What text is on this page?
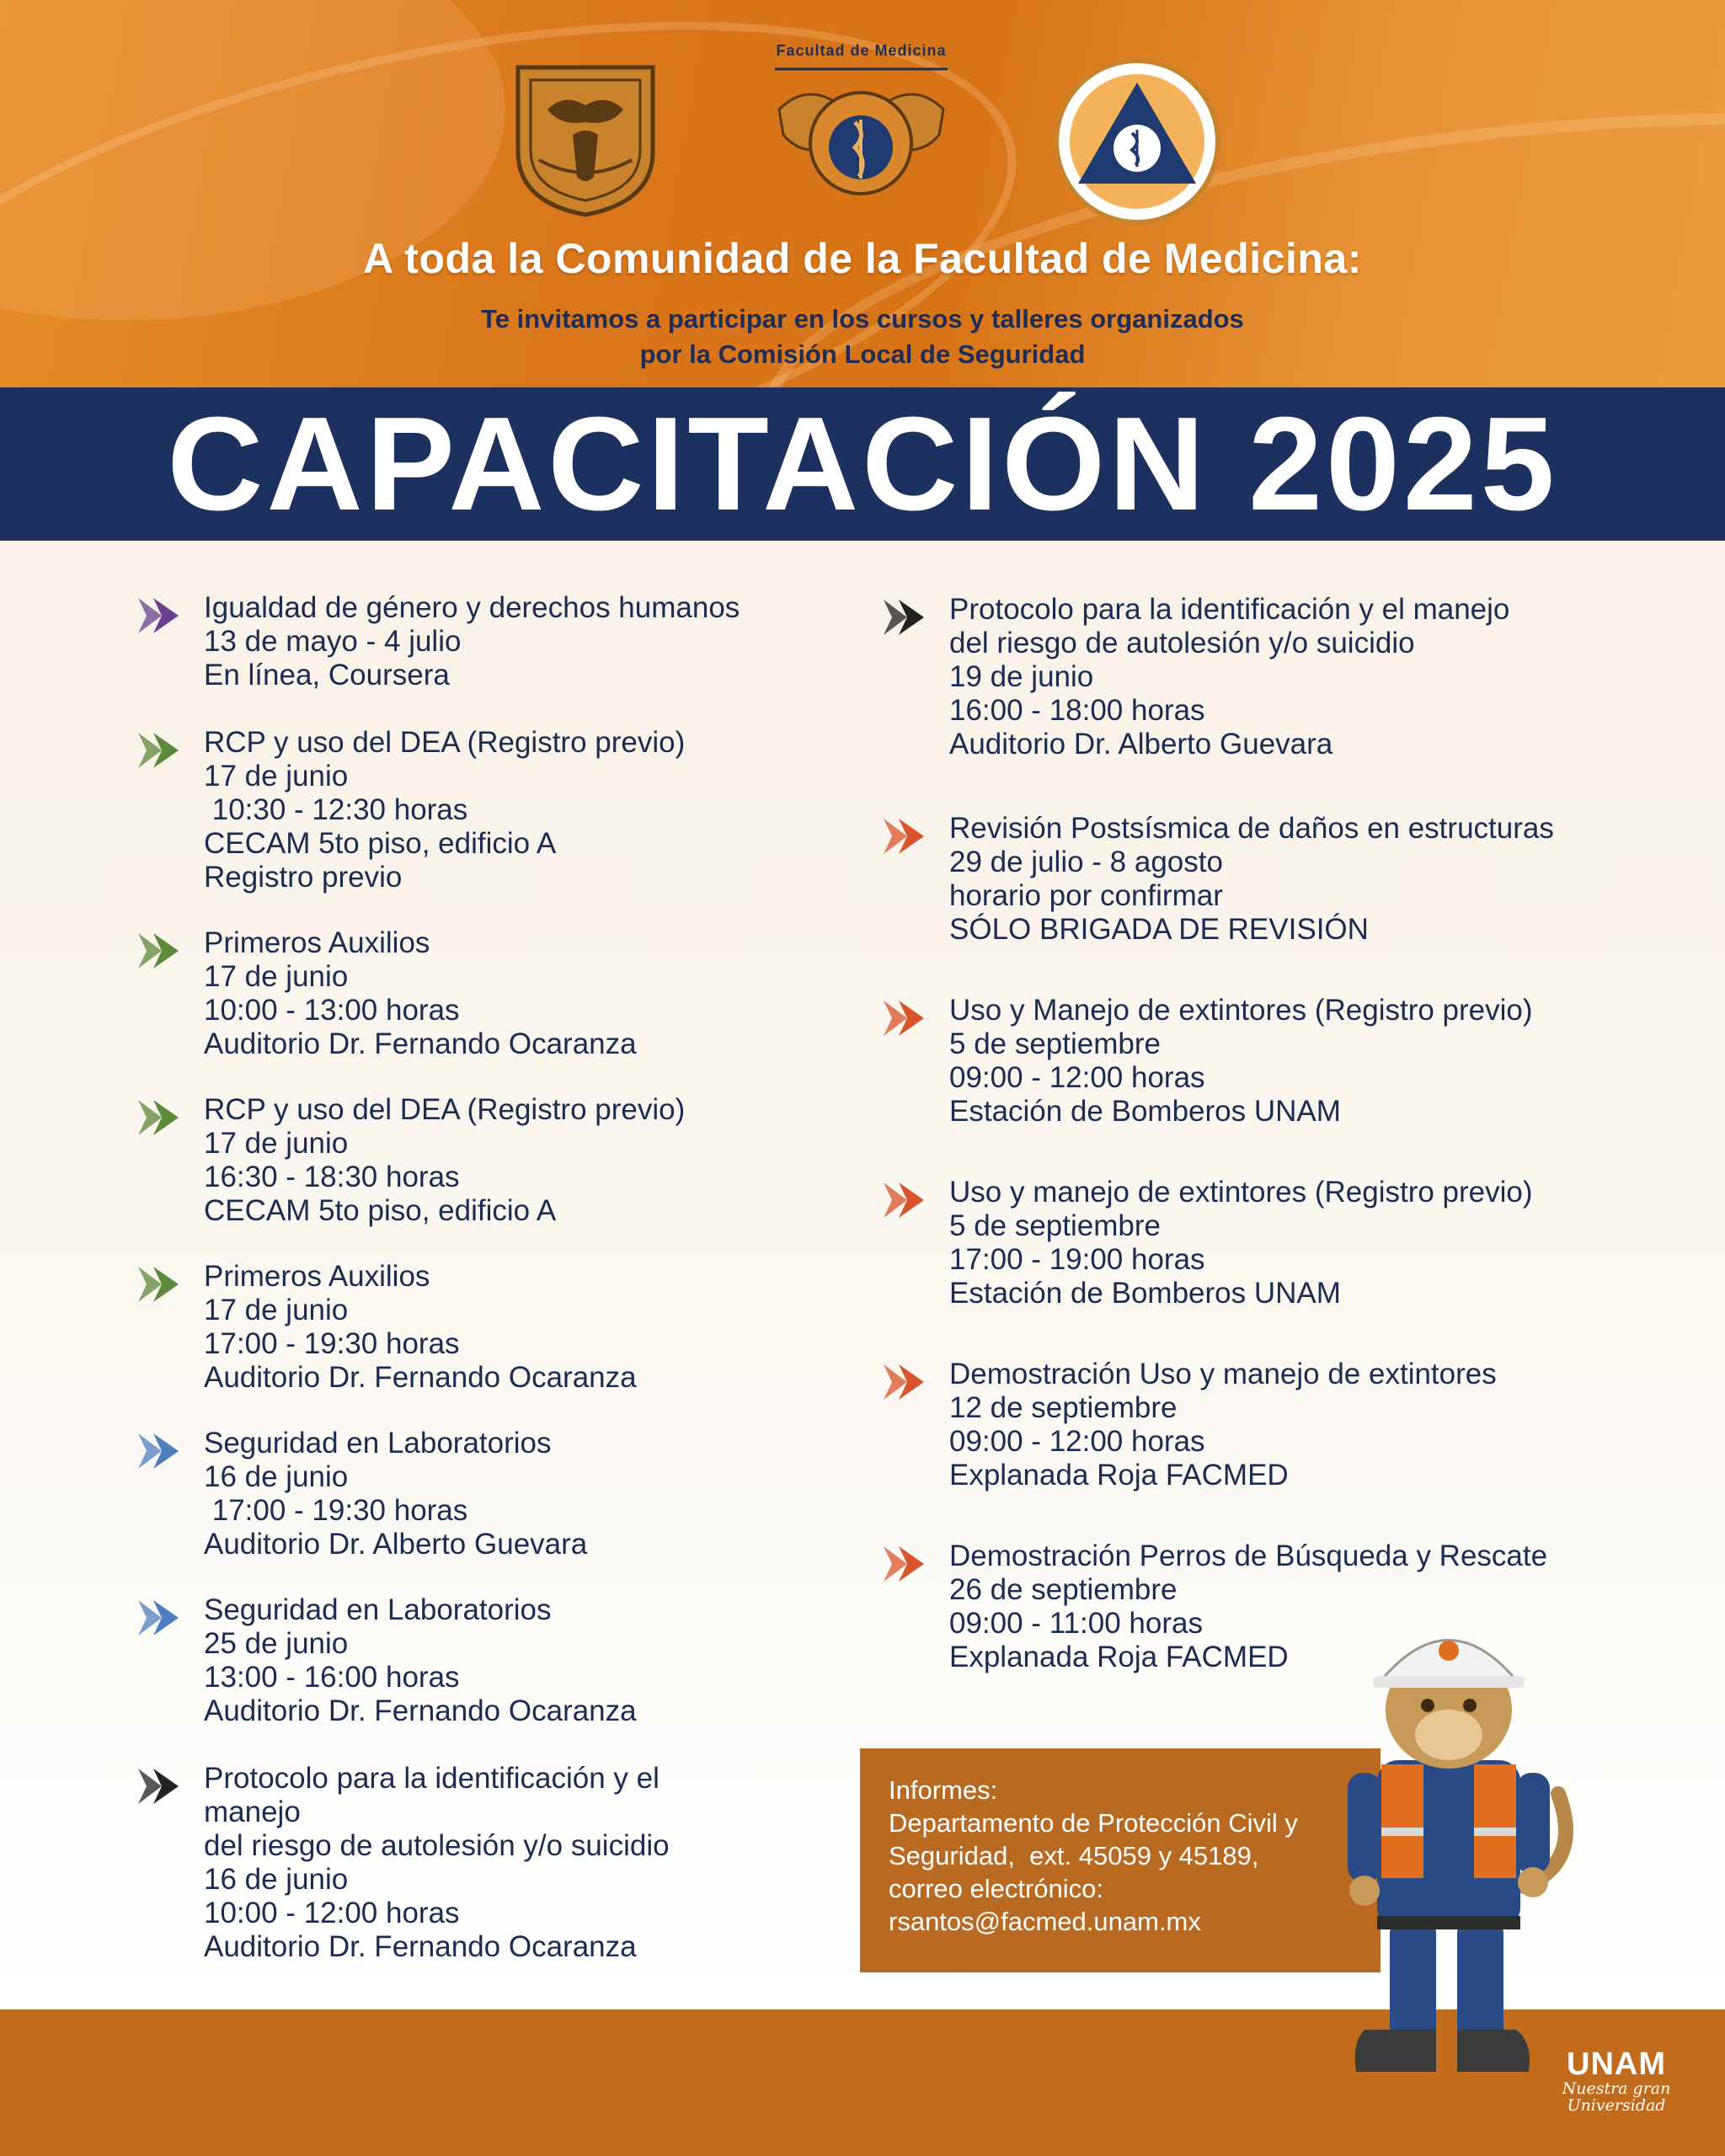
Facultad de Medicina
A toda la Comunidad de la Facultad de Medicina:
Te invitamos a participar en los cursos y talleres organizados
por la Comisión Local de Seguridad
CAPACITACIÓN 2025
Igualdad de género y derechos humanos
13 de mayo - 4 julio
En línea, Coursera
RCP y uso del DEA (Registro previo)
17 de junio
10:30 - 12:30 horas
CECAM 5to piso, edificio A
Registro previo
Primeros Auxilios
17 de junio
10:00 - 13:00 horas
Auditorio Dr. Fernando Ocaranza
RCP y uso del DEA (Registro previo)
17 de junio
16:30 - 18:30 horas
CECAM 5to piso, edificio A
Primeros Auxilios
17 de junio
17:00 - 19:30 horas
Auditorio Dr. Fernando Ocaranza
Seguridad en Laboratorios
16 de junio
17:00 - 19:30 horas
Auditorio Dr. Alberto Guevara
Seguridad en Laboratorios
25 de junio
13:00 - 16:00 horas
Auditorio Dr. Fernando Ocaranza
Protocolo para la identificación y el
manejo
del riesgo de autolesión y/o suicidio
16 de junio
10:00 - 12:00 horas
Auditorio Dr. Fernando Ocaranza
Protocolo para la identificación y el manejo
del riesgo de autolesión y/o suicidio
19 de junio
16:00 - 18:00 horas
Auditorio Dr. Alberto Guevara
Revisión Postsísmica de daños en estructuras
29 de julio - 8 agosto
horario por confirmar
SÓLO BRIGADA DE REVISIÓN
Uso y Manejo de extintores (Registro previo)
5 de septiembre
09:00 - 12:00 horas
Estación de Bomberos UNAM
Uso y manejo de extintores (Registro previo)
5 de septiembre
17:00 - 19:00 horas
Estación de Bomberos UNAM
Demostración Uso y manejo de extintores
12 de septiembre
09:00 - 12:00 horas
Explanada Roja FACMED
Demostración Perros de Búsqueda y Rescate
26 de septiembre
09:00 - 11:00 horas
Explanada Roja FACMED
Informes:
Departamento de Protección Civil y
Seguridad,  ext. 45059 y 45189,
correo electrónico:
rsantos@facmed.unam.mx
UNAM
Nuestra gran
Universidad
